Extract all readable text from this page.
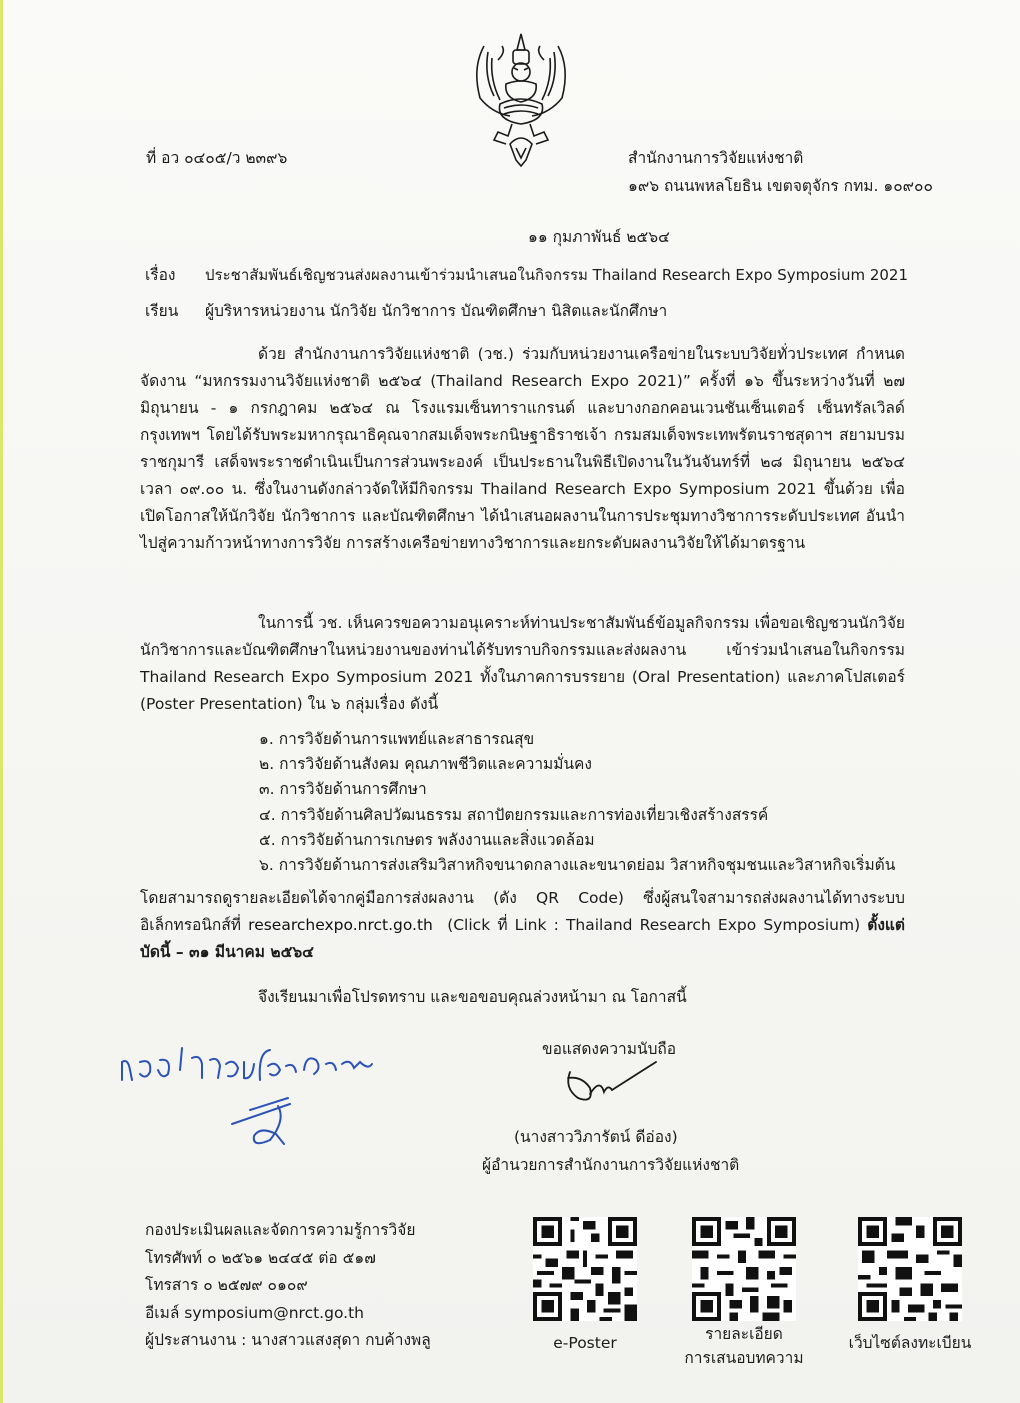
ที่ อว ๐๔๐๕/ว ๒๓๙๖	สำนักงานการวิจัยแห่งชาติ
๑๙๖ ถนนพหลโยธิน เขตจตุจักร กทม. ๑๐๙๐๐
๑๑ กุมภาพันธ์ ๒๕๖๔
เรื่อง ประชาสัมพันธ์เชิญชวนส่งผลงานเข้าร่วมนำเสนอในกิจกรรม Thailand Research Expo Symposium 2021
เรียน ผู้บริหารหน่วยงาน นักวิจัย นักวิชาการ บัณฑิตศึกษา นิสิตและนักศึกษา
ด้วย สำนักงานการวิจัยแห่งชาติ (วช.) ร่วมกับหน่วยงานเครือข่ายในระบบวิจัยทั่วประเทศ กำหนดจัดงาน “มหกรรมงานวิจัยแห่งชาติ ๒๕๖๔ (Thailand Research Expo 2021)” ครั้งที่ ๑๖ ขึ้นระหว่างวันที่ ๒๗ มิถุนายน - ๑ กรกฎาคม ๒๕๖๔ ณ โรงแรมเซ็นทาราแกรนด์ และบางกอกคอนเวนชันเซ็นเตอร์ เซ็นทรัลเวิลด์ กรุงเทพฯ โดยได้รับพระมหากรุณาธิคุณจากสมเด็จพระกนิษฐาธิราชเจ้า กรมสมเด็จพระเทพรัตนราชสุดาฯ สยามบรมราชกุมารี เสด็จพระราชดำเนินเป็นการส่วนพระองค์ เป็นประธานในพิธีเปิดงานในวันจันทร์ที่ ๒๘ มิถุนายน ๒๕๖๔ เวลา ๐๙.๐๐ น. ซึ่งในงานดังกล่าวจัดให้มีกิจกรรม Thailand Research Expo Symposium 2021 ขึ้นด้วย เพื่อเปิดโอกาสให้นักวิจัย นักวิชาการ และบัณฑิตศึกษา ได้นำเสนอผลงานในการประชุมทางวิชาการระดับประเทศ อันนำไปสู่ความก้าวหน้าทางการวิจัย การสร้างเครือข่ายทางวิชาการและยกระดับผลงานวิจัยให้ได้มาตรฐาน
ในการนี้ วช. เห็นควรขอความอนุเคราะห์ท่านประชาสัมพันธ์ข้อมูลกิจกรรม เพื่อขอเชิญชวนนักวิจัย นักวิชาการและบัณฑิตศึกษาในหน่วยงานของท่านได้รับทราบกิจกรรมและส่งผลงาน เข้าร่วมนำเสนอในกิจกรรม Thailand Research Expo Symposium 2021 ทั้งในภาคการบรรยาย (Oral Presentation) และภาคโปสเตอร์ (Poster Presentation) ใน ๖ กลุ่มเรื่อง ดังนี้
๑. การวิจัยด้านการแพทย์และสาธารณสุข
๒. การวิจัยด้านสังคม คุณภาพชีวิตและความมั่นคง
๓. การวิจัยด้านการศึกษา
๔. การวิจัยด้านศิลปวัฒนธรรม สถาปัตยกรรมและการท่องเที่ยวเชิงสร้างสรรค์
๕. การวิจัยด้านการเกษตร พลังงานและสิ่งแวดล้อม
๖. การวิจัยด้านการส่งเสริมวิสาหกิจขนาดกลางและขนาดย่อม วิสาหกิจชุมชนและวิสาหกิจเริ่มต้น
โดยสามารถดูรายละเอียดได้จากคู่มือการส่งผลงาน (ดัง QR Code) ซึ่งผู้สนใจสามารถส่งผลงานได้ทางระบบอิเล็กทรอนิกส์ที่ researchexpo.nrct.go.th  (Click ที่ Link : Thailand Research Expo Symposium) ตั้งแต่บัดนี้ – ๓๑ มีนาคม ๒๕๖๔
จึงเรียนมาเพื่อโปรดทราบ และขอขอบคุณล่วงหน้ามา ณ โอกาสนี้
ขอแสดงความนับถือ
(นางสาววิภารัตน์ ดีอ่อง)
ผู้อำนวยการสำนักงานการวิจัยแห่งชาติ
กองประเมินผลและจัดการความรู้การวิจัย
โทรศัพท์ ๐ ๒๕๖๑ ๒๔๔๕ ต่อ ๕๑๗
โทรสาร ๐ ๒๕๗๙ ๐๑๐๙
อีเมล์ symposium@nrct.go.th
ผู้ประสานงาน : นางสาวแสงสุดา กบค้างพลู	e-Poster	รายละเอียด
การเสนอบทความ
เว็บไซต์ลงทะเบียน
